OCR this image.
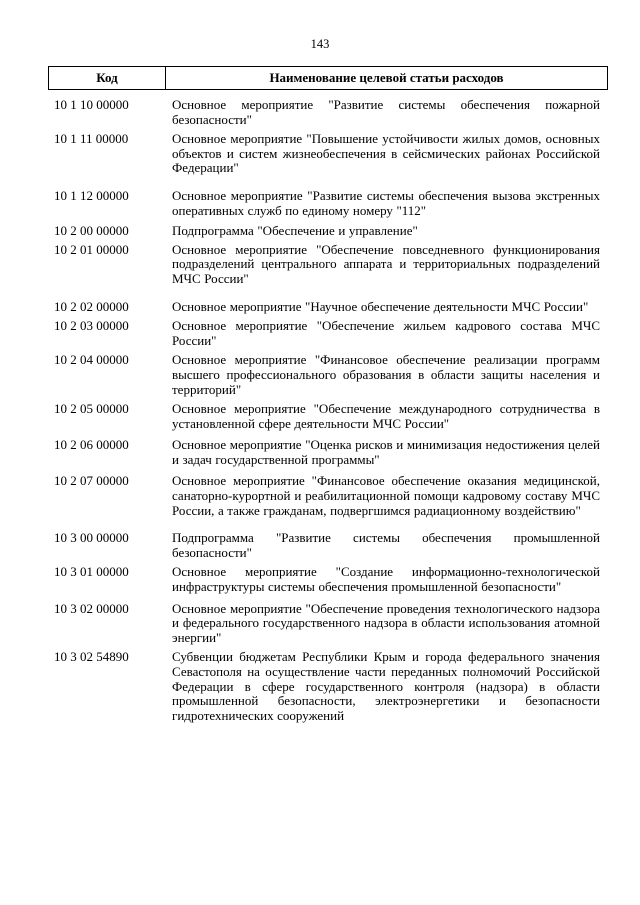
143
Код	Наименование целевой статьи расходов
10 1 10 00000	Основное мероприятие "Развитие системы обеспечения пожарной безопасности"
10 1 11 00000	Основное мероприятие "Повышение устойчивости жилых домов, основных объектов и систем жизнеобеспечения в сейсмических районах Российской Федерации"
10 1 12 00000	Основное мероприятие "Развитие системы обеспечения вызова экстренных оперативных служб по единому номеру "112"
10 2 00 00000	Подпрограмма "Обеспечение и управление"
10 2 01 00000	Основное мероприятие "Обеспечение повседневного функционирования подразделений центрального аппарата и территориальных подразделений МЧС России"
10 2 02 00000	Основное мероприятие "Научное обеспечение деятельности МЧС России"
10 2 03 00000	Основное мероприятие "Обеспечение жильем кадрового состава МЧС России"
10 2 04 00000	Основное мероприятие "Финансовое обеспечение реализации программ высшего профессионального образования в области защиты населения и территорий"
10 2 05 00000	Основное мероприятие "Обеспечение международного сотрудничества в установленной сфере деятельности МЧС России"
10 2 06 00000	Основное мероприятие "Оценка рисков и минимизация недостижения целей и задач государственной программы"
10 2 07 00000	Основное мероприятие "Финансовое обеспечение оказания медицинской, санаторно-курортной и реабилитационной помощи кадровому составу МЧС России, а также гражданам, подвергшимся радиационному воздействию"
10 3 00 00000	Подпрограмма "Развитие системы обеспечения промышленной безопасности"
10 3 01 00000	Основное мероприятие "Создание информационно-технологической инфраструктуры системы обеспечения промышленной безопасности"
10 3 02 00000	Основное мероприятие "Обеспечение проведения технологического надзора и федерального государственного надзора в области использования атомной энергии"
10 3 02 54890	Субвенции бюджетам Республики Крым и города федерального значения Севастополя на осуществление части переданных полномочий Российской Федерации в сфере государственного контроля (надзора) в области промышленной безопасности, электроэнергетики и безопасности гидротехнических сооружений
